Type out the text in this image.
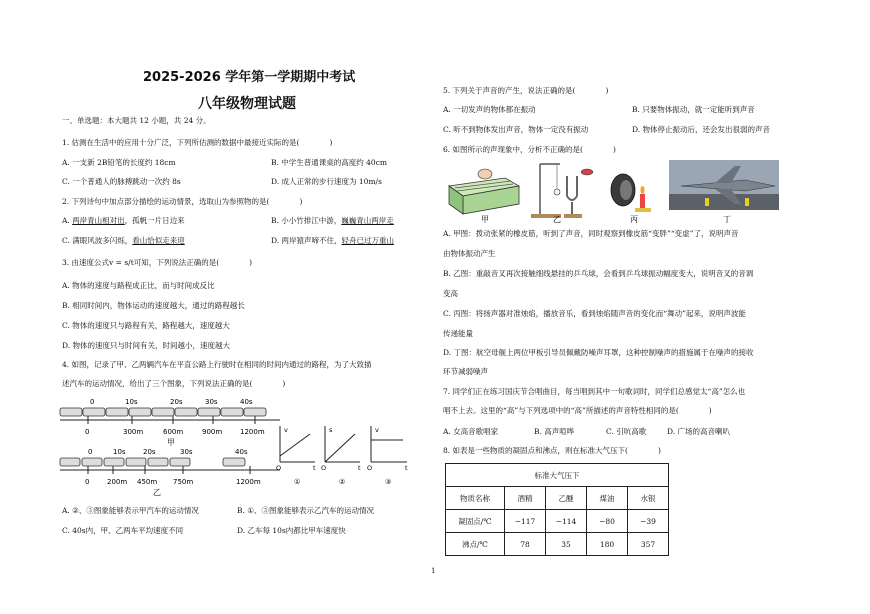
2025-2026 学年第一学期期中考试
八年级物理试题
一、单选题：本大题共 12 小题，共 24 分。
1. 估测在生活中的应用十分广泛，下列所估测的数据中最接近实际的是(　　　　)
A. 一支新 2B铅笔的长度约 18cm	B. 中学生普通课桌的高度约 40cm
C. 一个普通人的脉搏跳动一次约 8s	D. 成人正常的步行速度为 10m/s
2. 下列诗句中加点部分描绘的运动情景，选取山为参照物的是(　　　　)
A. 两岸青山相对出，孤帆一片日边来	B. 小小竹排江中游，巍巍青山两岸走
C. 满眼风波多闪烁，看山恰似走来迎	D. 两岸猿声啼不住，轻舟已过万重山
3. 由速度公式v = s/t可知，下列说法正确的是(　　　　)
A. 物体的速度与路程成正比，而与时间成反比
B. 相同时间内，物体运动的速度越大，通过的路程越长
C. 物体的速度只与路程有关，路程越大，速度越大
D. 物体的速度只与时间有关，时间越小，速度越大
4. 如图，记录了甲、乙两辆汽车在平直公路上行驶时在相同的时间内通过的路程，为了大致描
述汽车的运动情况，给出了三个图象，下列说法正确的是(　　　　)
0	10s	20s	30s	40s
0	300m	600m	900m	1200m
甲
0	10s 20s	30s	40s
0	200m 450m 750m	1200m
乙
v
t
O
①
s
t
O
②
v
t
O
③
A. ②、③图象能够表示甲汽车的运动情况	B. ①、③图象能够表示乙汽车的运动情况
C. 40s内，甲、乙两车平均速度不同	D. 乙车每 10s内都比甲车速度快
5. 下列关于声音的产生，说法正确的是(　　　　)
A. 一切发声的物体都在振动	B. 只要物体振动，就一定能听到声音
C. 听不到物体发出声音，物体一定没有振动	D. 物体停止振动后，还会发出很弱的声音
6. 如图所示的声现象中，分析不正确的是(　　　　)
甲	乙	丙	丁
A. 甲图：拨动张紧的橡皮筋，听到了声音，同时观察到橡皮筋“变胖”“变虚”了，说明声音
由物体振动产生
B. 乙图：重敲音叉再次接触细线悬挂的乒乓球，会看到乒乓球振动幅度变大，说明音叉的音调
变高
C. 丙图：将扬声器对准烛焰，播放音乐，看到烛焰随声音的变化而“舞动”起来，说明声波能
传递能量
D. 丁图：航空母舰上两位甲板引导员佩戴防噪声耳罩，这种控制噪声的措施属于在噪声的接收
环节减弱噪声
7. 同学们正在练习国庆节合唱曲目，每当唱到其中一句歌词时，同学们总感觉太“高”怎么也
唱不上去。这里的“高”与下列选项中的“高”所描述的声音特性相同的是(　　　　)
A. 女高音歌唱家	B. 高声喧哗	C. 引吭高歌	D. 广场的高音喇叭
8. 如表是一些物质的凝固点和沸点，则在标准大气压下(　　　　)
标准大气压下				
物质名称	酒精	乙醚	煤油	水银
凝固点/℃	−117	−114	−80	−39
沸点/℃	78	35	180	357
1
